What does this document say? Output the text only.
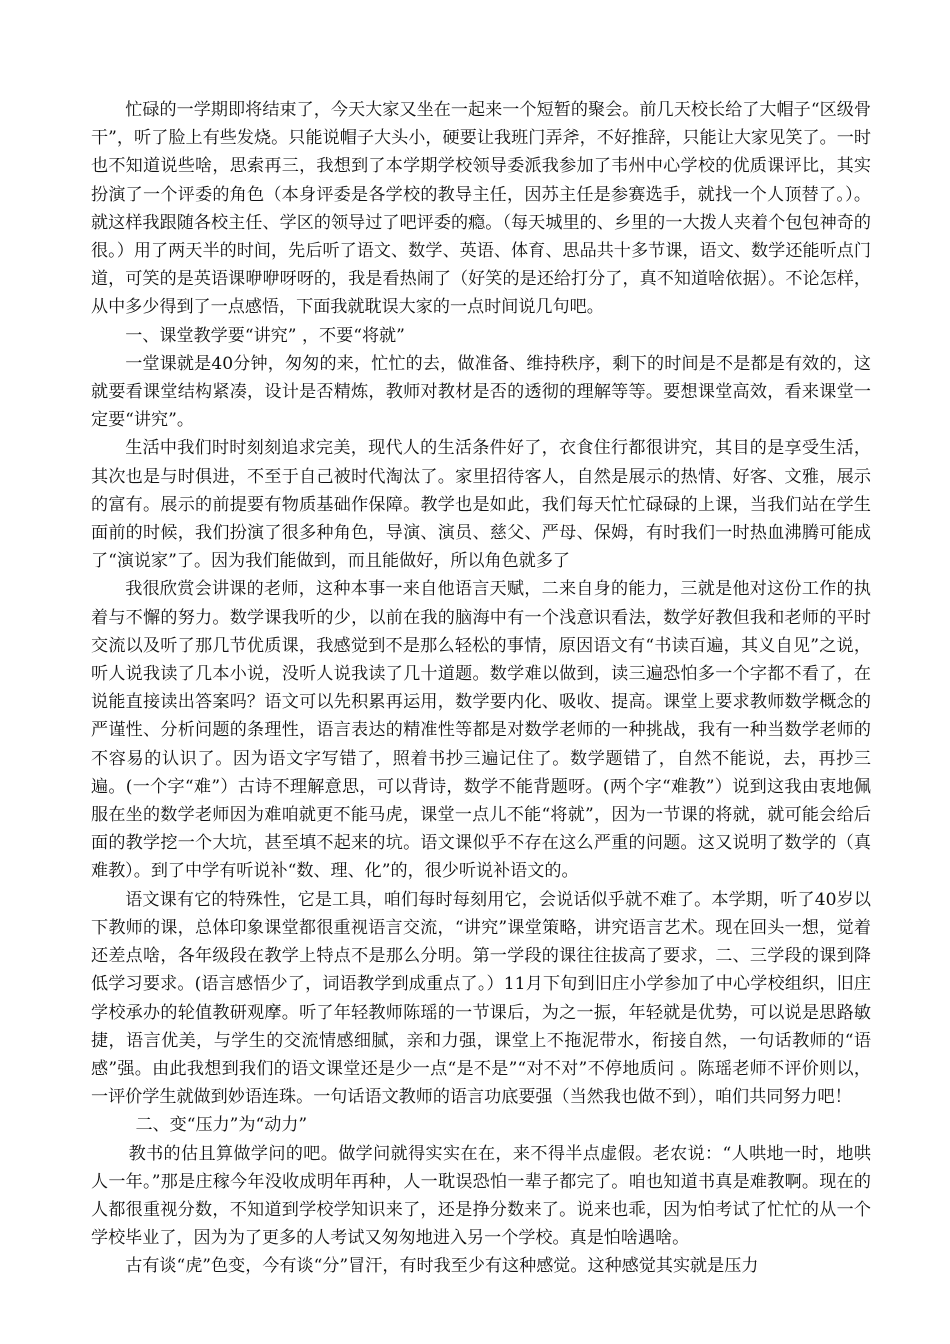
忙碌的一学期即将结束了，今天大家又坐在一起来一个短暂的聚会。前几天校长给了大帽子“区级骨干”，听了脸上有些发烧。只能说帽子大头小，硬要让我班门弄斧，不好推辞，只能让大家见笑了。一时也不知道说些啥，思索再三，我想到了本学期学校领导委派我参加了韦州中心学校的优质课评比，其实扮演了一个评委的角色（本身评委是各学校的教导主任，因苏主任是参赛选手，就找一个人顶替了。）。就这样我跟随各校主任、学区的领导过了吧评委的瘾。（每天城里的、乡里的一大拨人夹着个包包神奇的很。）用了两天半的时间，先后听了语文、数学、英语、体育、思品共十多节课，语文、数学还能听点门道，可笑的是英语课咿咿呀呀的，我是看热闹了（好笑的是还给打分了，真不知道啥依据）。不论怎样，从中多少得到了一点感悟，下面我就耽误大家的一点时间说几句吧。

一、课堂教学要“讲究” ，不要“将就”

一堂课就是40分钟，匆匆的来，忙忙的去，做准备、维持秩序，剩下的时间是不是都是有效的，这就要看课堂结构紧凑，设计是否精炼，教师对教材是否的透彻的理解等等。要想课堂高效，看来课堂一定要“讲究”。

生活中我们时时刻刻追求完美，现代人的生活条件好了，衣食住行都很讲究，其目的是享受生活，其次也是与时俱进，不至于自己被时代淘汰了。家里招待客人，自然是展示的热情、好客、文雅，展示的富有。展示的前提要有物质基础作保障。教学也是如此，我们每天忙忙碌碌的上课，当我们站在学生面前的时候，我们扮演了很多种角色，导演、演员、慈父、严母、保姆，有时我们一时热血沸腾可能成了“演说家”了。因为我们能做到，而且能做好，所以角色就多了

我很欣赏会讲课的老师，这种本事一来自他语言天赋，二来自身的能力，三就是他对这份工作的执着与不懈的努力。数学课我听的少，以前在我的脑海中有一个浅意识看法，数学好教但我和老师的平时交流以及听了那几节优质课，我感觉到不是那么轻松的事情，原因语文有“书读百遍，其义自见”之说，听人说我读了几本小说，没听人说我读了几十道题。数学难以做到，读三遍恐怕多一个字都不看了，在说能直接读出答案吗？语文可以先积累再运用，数学要内化、吸收、提高。课堂上要求教师数学概念的严谨性、分析问题的条理性，语言表达的精准性等都是对数学老师的一种挑战，我有一种当数学老师的不容易的认识了。因为语文字写错了，照着书抄三遍记住了。数学题错了，自然不能说，去，再抄三遍。(一个字“难”）古诗不理解意思，可以背诗，数学不能背题呀。(两个字“难教”）说到这我由衷地佩服在坐的数学老师因为难咱就更不能马虎，课堂一点儿不能“将就”，因为一节课的将就，就可能会给后面的教学挖一个大坑，甚至填不起来的坑。语文课似乎不存在这么严重的问题。这又说明了数学的（真难教）。到了中学有听说补“数、理、化”的，很少听说补语文的。

语文课有它的特殊性，它是工具，咱们每时每刻用它，会说话似乎就不难了。本学期，听了40岁以下教师的课，总体印象课堂都很重视语言交流，“讲究”课堂策略，讲究语言艺术。现在回头一想，觉着还差点啥，各年级段在教学上特点不是那么分明。第一学段的课往往拔高了要求，二、三学段的课到降低学习要求。(语言感悟少了，词语教学到成重点了。）11月下旬到旧庄小学参加了中心学校组织，旧庄学校承办的轮值教研观摩。听了年轻教师陈瑶的一节课后，为之一振，年轻就是优势，可以说是思路敏捷，语言优美，与学生的交流情感细腻，亲和力强，课堂上不拖泥带水，衔接自然，一句话教师的“语感”强。由此我想到我们的语文课堂还是少一点“是不是”“对不对”不停地质问 。陈瑶老师不评价则以，一评价学生就做到妙语连珠。一句话语文教师的语言功底要强（当然我也做不到），咱们共同努力吧！

二、变“压力”为“动力”

教书的估且算做学问的吧。做学问就得实实在在，来不得半点虚假。老农说：“人哄地一时，地哄人一年。”那是庄稼今年没收成明年再种，人一耽误恐怕一辈子都完了。咱也知道书真是难教啊。现在的人都很重视分数，不知道到学校学知识来了，还是挣分数来了。说来也乖，因为怕考试了忙忙的从一个学校毕业了，因为为了更多的人考试又匆匆地进入另一个学校。真是怕啥遇啥。

古有谈“虎”色变，今有谈“分”冒汗，有时我至少有这种感觉。这种感觉其实就是压力
